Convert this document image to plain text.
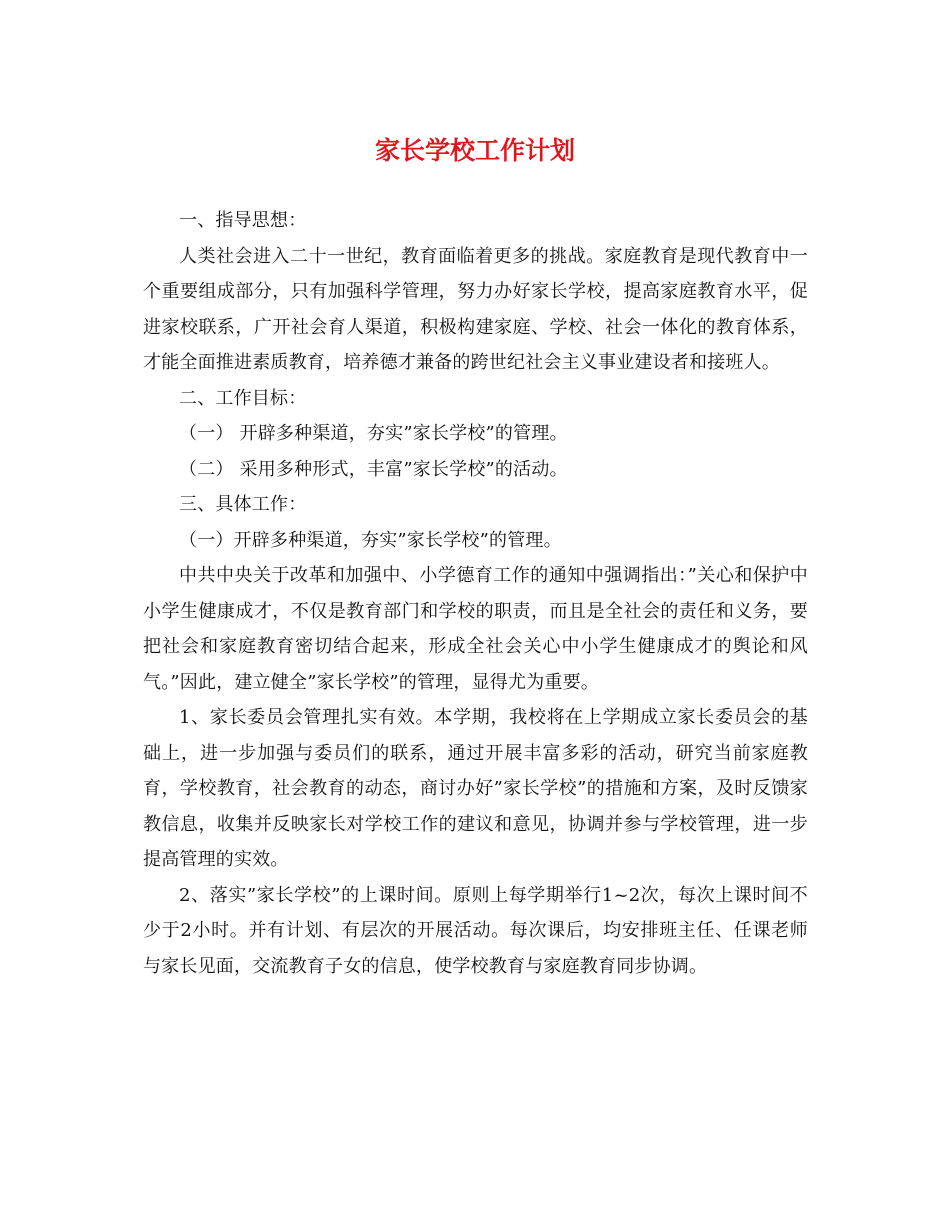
家长学校工作计划

一、指导思想：

人类社会进入二十一世纪，教育面临着更多的挑战。家庭教育是现代教育中一个重要组成部分，只有加强科学管理，努力办好家长学校，提高家庭教育水平，促进家校联系，广开社会育人渠道，积极构建家庭、学校、社会一体化的教育体系，才能全面推进素质教育，培养德才兼备的跨世纪社会主义事业建设者和接班人。

二、工作目标：

（一） 开辟多种渠道，夯实”家长学校”的管理。

（二） 采用多种形式，丰富”家长学校”的活动。

三、具体工作：

（一）开辟多种渠道，夯实”家长学校”的管理。

中共中央关于改革和加强中、小学德育工作的通知中强调指出：”关心和保护中小学生健康成才，不仅是教育部门和学校的职责，而且是全社会的责任和义务，要把社会和家庭教育密切结合起来，形成全社会关心中小学生健康成才的舆论和风气。”因此，建立健全”家长学校”的管理，显得尤为重要。

1、家长委员会管理扎实有效。本学期，我校将在上学期成立家长委员会的基础上，进一步加强与委员们的联系，通过开展丰富多彩的活动，研究当前家庭教育，学校教育，社会教育的动态，商讨办好”家长学校”的措施和方案，及时反馈家教信息，收集并反映家长对学校工作的建议和意见，协调并参与学校管理，进一步提高管理的实效。

2、落实”家长学校”的上课时间。原则上每学期举行1~2次，每次上课时间不少于2小时。并有计划、有层次的开展活动。每次课后，均安排班主任、任课老师与家长见面，交流教育子女的信息，使学校教育与家庭教育同步协调。
